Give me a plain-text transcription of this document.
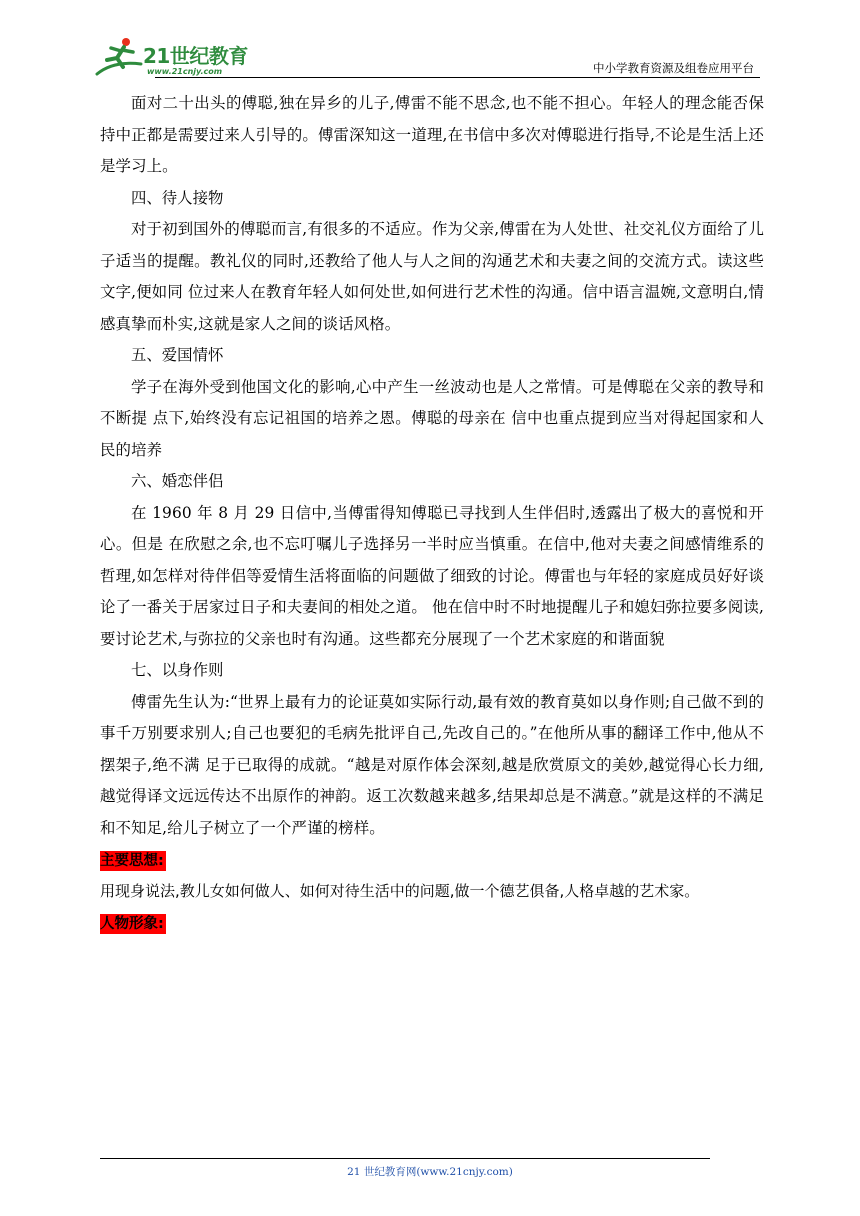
21世纪教育
www.21cnjy.com	中小学教育资源及组卷应用平台

面对二十出头的傅聪,独在异乡的儿子,傅雷不能不思念,也不能不担心。年轻人的理念能否保持中正都是需要过来人引导的。傅雷深知这一道理,在书信中多次对傅聪进行指导,不论是生活上还是学习上。

四、待人接物

对于初到国外的傅聪而言,有很多的不适应。作为父亲,傅雷在为人处世、社交礼仪方面给了儿子适当的提醒。教礼仪的同时,还教给了他人与人之间的沟通艺术和夫妻之间的交流方式。读这些文字,便如同 位过来人在教育年轻人如何处世,如何进行艺术性的沟通。信中语言温婉,文意明白,情感真挚而朴实,这就是家人之间的谈话风格。

五、爱国情怀

学子在海外受到他国文化的影响,心中产生一丝波动也是人之常情。可是傅聪在父亲的教导和不断提 点下,始终没有忘记祖国的培养之恩。傅聪的母亲在 信中也重点提到应当对得起国家和人民的培养

六、婚恋伴侣

在 1960 年 8 月 29 日信中,当傅雷得知傅聪已寻找到人生伴侣时,透露出了极大的喜悦和开心。但是 在欣慰之余,也不忘叮嘱儿子选择另一半时应当慎重。在信中,他对夫妻之间感情维系的哲理,如怎样对待伴侣等爱情生活将面临的问题做了细致的讨论。傅雷也与年轻的家庭成员好好谈论了一番关于居家过日子和夫妻间的相处之道。 他在信中时不时地提醒儿子和媳妇弥拉要多阅读,要讨论艺术,与弥拉的父亲也时有沟通。这些都充分展现了一个艺术家庭的和谐面貌

七、以身作则

傅雷先生认为:“世界上最有力的论证莫如实际行动,最有效的教育莫如以身作则;自己做不到的事千万别要求别人;自己也要犯的毛病先批评自己,先改自己的。”在他所从事的翻译工作中,他从不摆架子,绝不满 足于已取得的成就。“越是对原作体会深刻,越是欣赏原文的美妙,越觉得心长力细,越觉得译文远远传达不出原作的神韵。返工次数越来越多,结果却总是不满意。”就是这样的不满足和不知足,给儿子树立了一个严谨的榜样。

主要思想:

用现身说法,教儿女如何做人、如何对待生活中的问题,做一个德艺俱备,人格卓越的艺术家。

人物形象:

21 世纪教育网(www.21cnjy.com)
